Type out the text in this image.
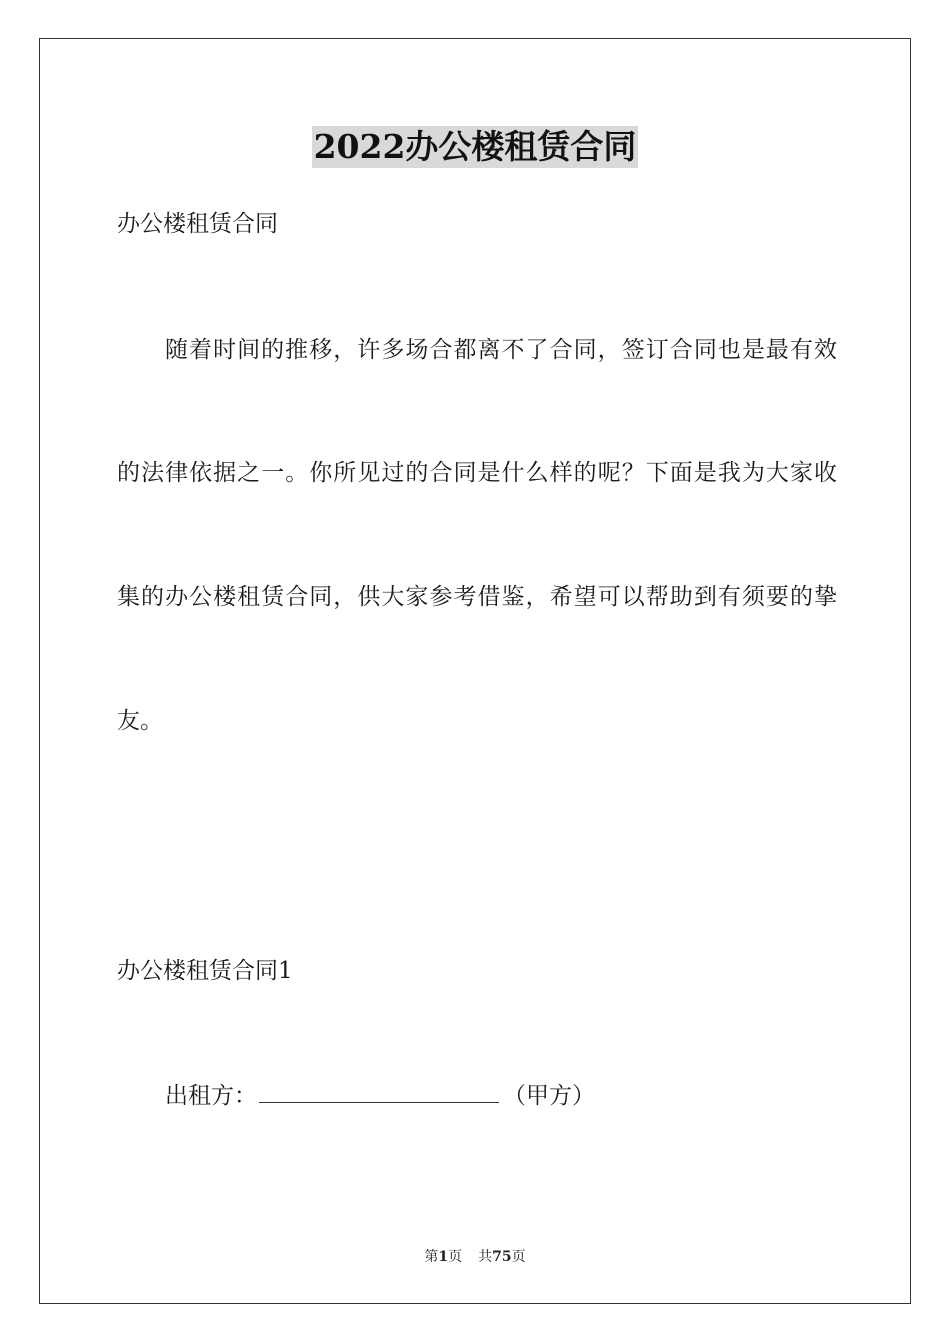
2022办公楼租赁合同
办公楼租赁合同
随着时间的推移，许多场合都离不了合同，签订合同也是最有效
的法律依据之一。你所见过的合同是什么样的呢？下面是我为大家收
集的办公楼租赁合同，供大家参考借鉴，希望可以帮助到有须要的挚
友。
办公楼租赁合同1
出租方：	（甲方）
第1页 共75页
